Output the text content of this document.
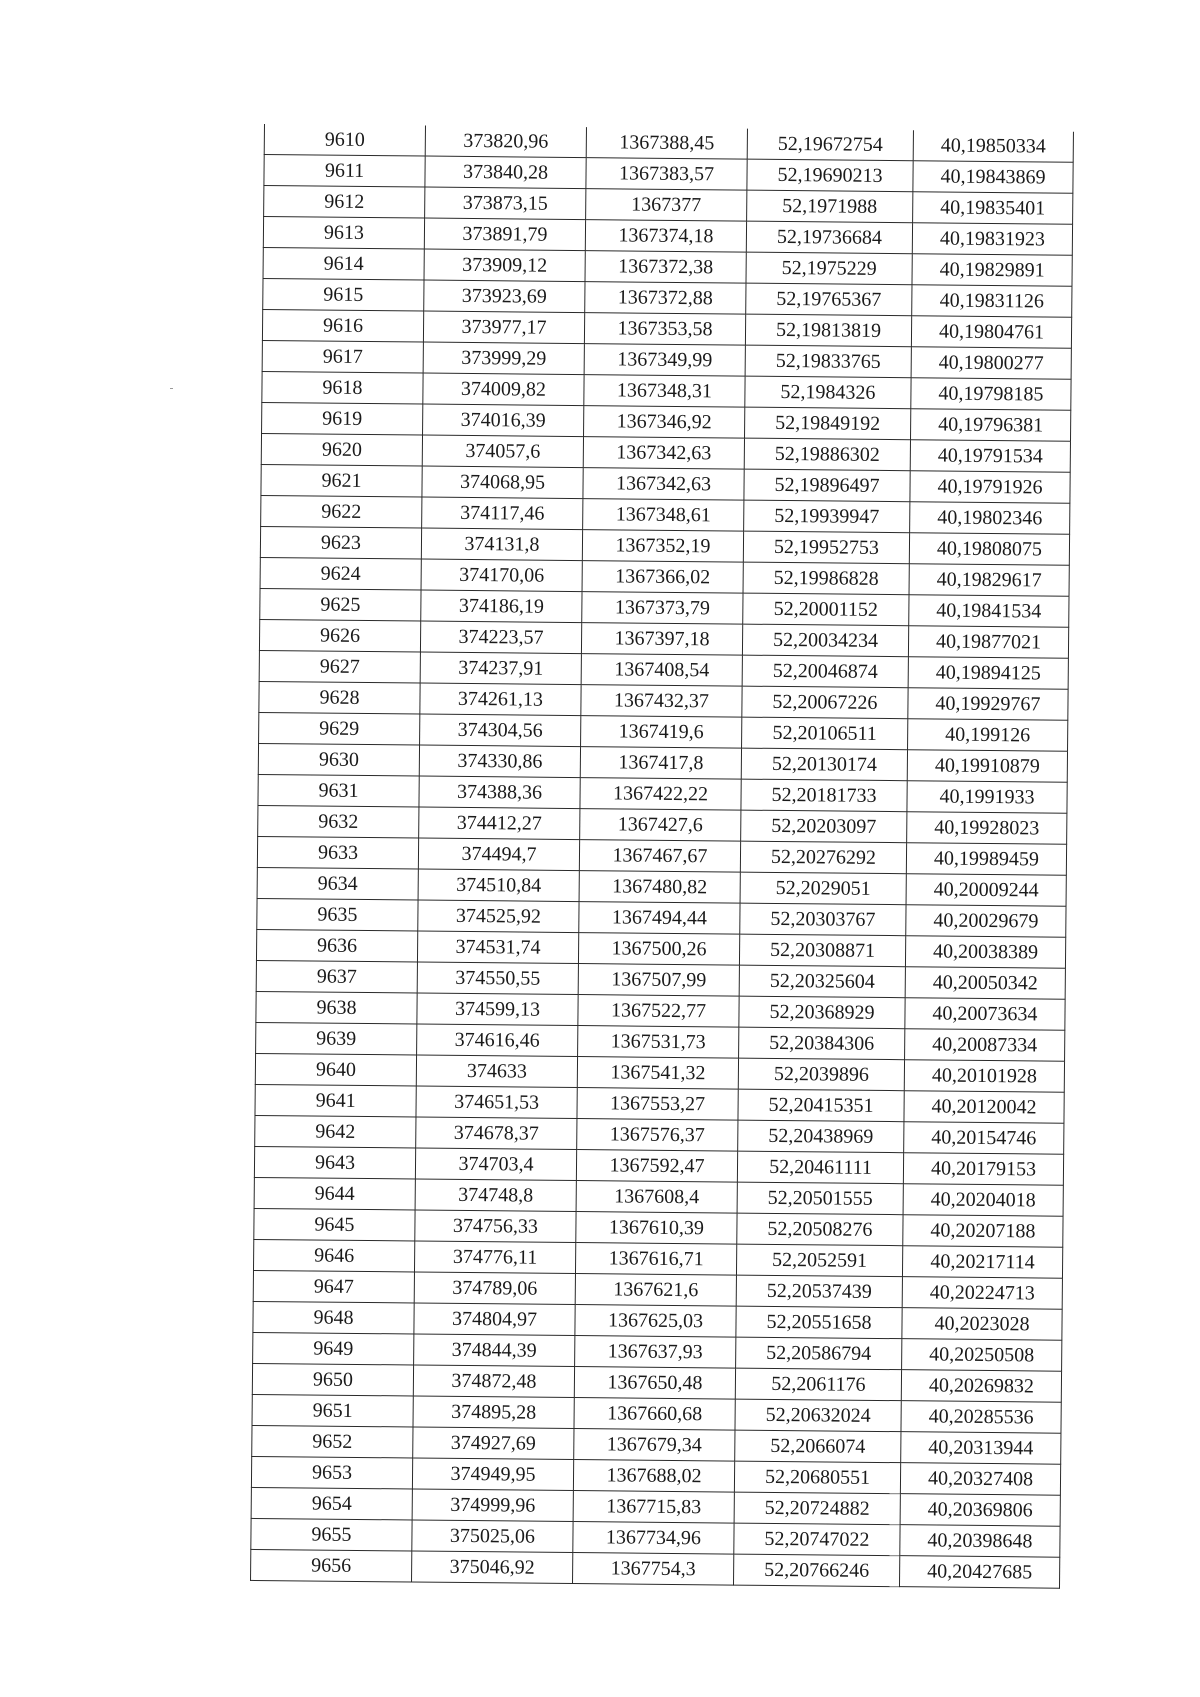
9610	373820,96	1367388,45	52,19672754	40,19850334
9611	373840,28	1367383,57	52,19690213	40,19843869
9612	373873,15	1367377	52,1971988	40,19835401
9613	373891,79	1367374,18	52,19736684	40,19831923
9614	373909,12	1367372,38	52,1975229	40,19829891
9615	373923,69	1367372,88	52,19765367	40,19831126
9616	373977,17	1367353,58	52,19813819	40,19804761
9617	373999,29	1367349,99	52,19833765	40,19800277
9618	374009,82	1367348,31	52,1984326	40,19798185
9619	374016,39	1367346,92	52,19849192	40,19796381
9620	374057,6	1367342,63	52,19886302	40,19791534
9621	374068,95	1367342,63	52,19896497	40,19791926
9622	374117,46	1367348,61	52,19939947	40,19802346
9623	374131,8	1367352,19	52,19952753	40,19808075
9624	374170,06	1367366,02	52,19986828	40,19829617
9625	374186,19	1367373,79	52,20001152	40,19841534
9626	374223,57	1367397,18	52,20034234	40,19877021
9627	374237,91	1367408,54	52,20046874	40,19894125
9628	374261,13	1367432,37	52,20067226	40,19929767
9629	374304,56	1367419,6	52,20106511	40,199126
9630	374330,86	1367417,8	52,20130174	40,19910879
9631	374388,36	1367422,22	52,20181733	40,1991933
9632	374412,27	1367427,6	52,20203097	40,19928023
9633	374494,7	1367467,67	52,20276292	40,19989459
9634	374510,84	1367480,82	52,2029051	40,20009244
9635	374525,92	1367494,44	52,20303767	40,20029679
9636	374531,74	1367500,26	52,20308871	40,20038389
9637	374550,55	1367507,99	52,20325604	40,20050342
9638	374599,13	1367522,77	52,20368929	40,20073634
9639	374616,46	1367531,73	52,20384306	40,20087334
9640	374633	1367541,32	52,2039896	40,20101928
9641	374651,53	1367553,27	52,20415351	40,20120042
9642	374678,37	1367576,37	52,20438969	40,20154746
9643	374703,4	1367592,47	52,20461111	40,20179153
9644	374748,8	1367608,4	52,20501555	40,20204018
9645	374756,33	1367610,39	52,20508276	40,20207188
9646	374776,11	1367616,71	52,2052591	40,20217114
9647	374789,06	1367621,6	52,20537439	40,20224713
9648	374804,97	1367625,03	52,20551658	40,2023028
9649	374844,39	1367637,93	52,20586794	40,20250508
9650	374872,48	1367650,48	52,2061176	40,20269832
9651	374895,28	1367660,68	52,20632024	40,20285536
9652	374927,69	1367679,34	52,2066074	40,20313944
9653	374949,95	1367688,02	52,20680551	40,20327408
9654	374999,96	1367715,83	52,20724882	40,20369806
9655	375025,06	1367734,96	52,20747022	40,20398648
9656	375046,92	1367754,3	52,20766246	40,20427685
